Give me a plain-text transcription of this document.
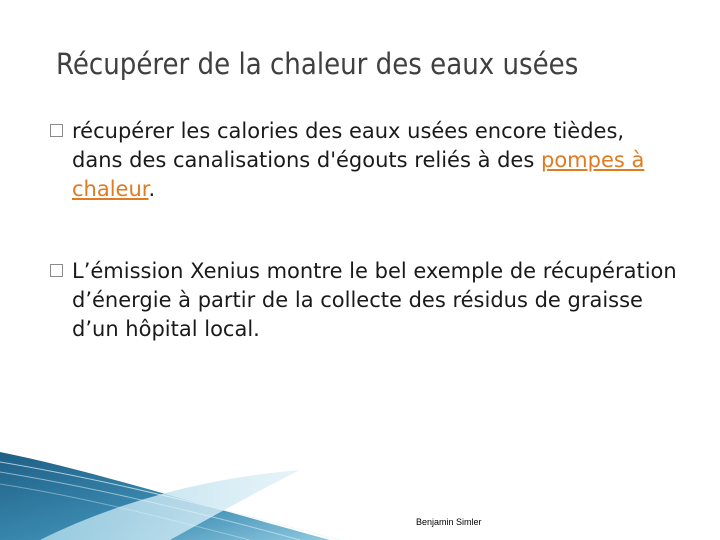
Récupérer de la chaleur des eaux usées
récupérer les calories des eaux usées encore tièdes, dans des canalisations d'égouts reliés à des pompes à chaleur.
L’émission Xenius montre le bel exemple de récupération d’énergie à partir de la collecte des résidus de graisse d’un hôpital local.
Benjamin Simler
